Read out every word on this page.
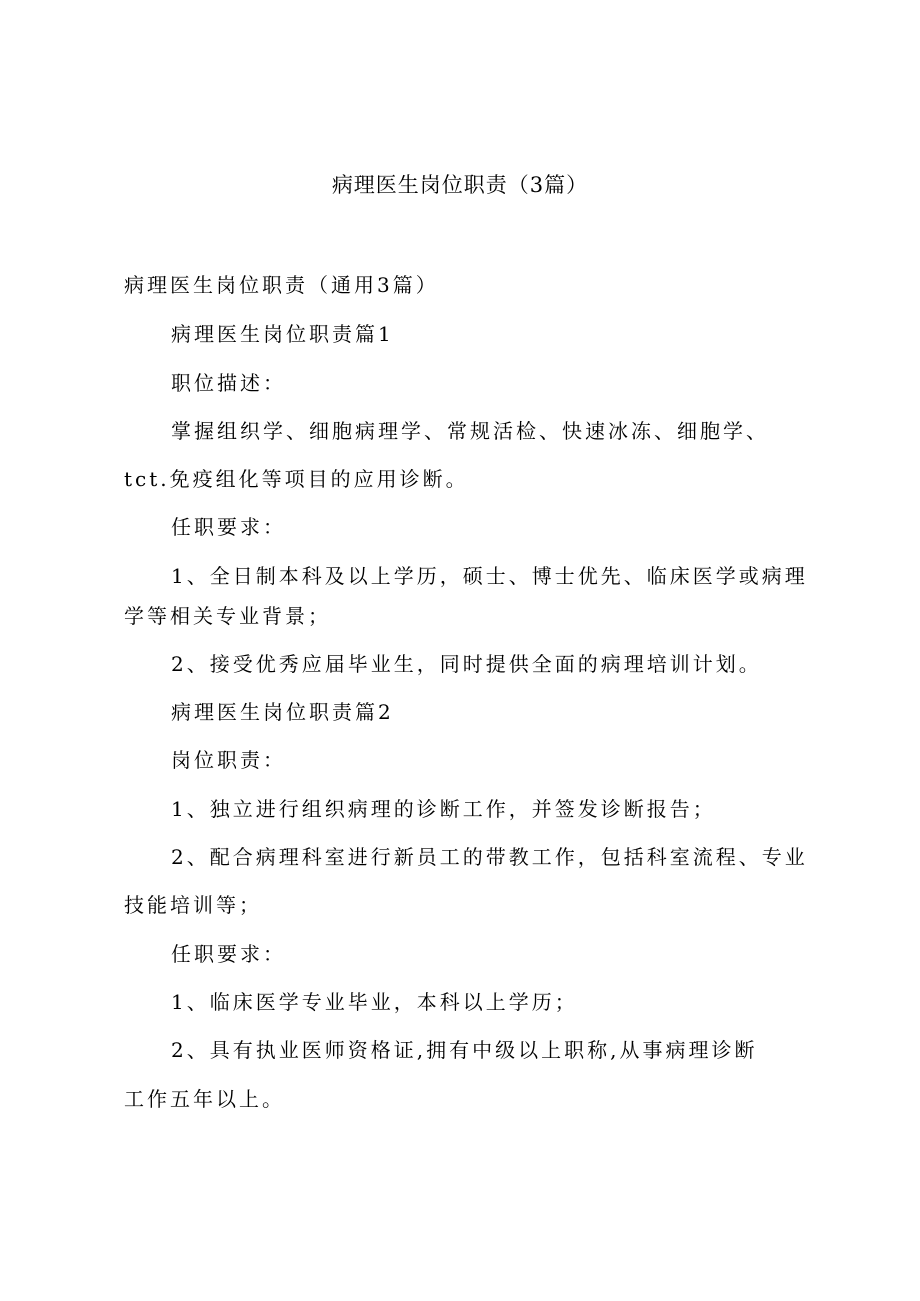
病理医生岗位职责（3篇）
病理医生岗位职责（通用3篇）
病理医生岗位职责篇1
职位描述：
掌握组织学、细胞病理学、常规活检、快速冰冻、细胞学、
tct.免疫组化等项目的应用诊断。
任职要求：
1、全日制本科及以上学历，硕士、博士优先、临床医学或病理
学等相关专业背景；
2、接受优秀应届毕业生，同时提供全面的病理培训计划。
病理医生岗位职责篇2
岗位职责：
1、独立进行组织病理的诊断工作，并签发诊断报告；
2、配合病理科室进行新员工的带教工作，包括科室流程、专业
技能培训等；
任职要求：
1、临床医学专业毕业，本科以上学历；
2、具有执业医师资格证,拥有中级以上职称,从事病理诊断
工作五年以上。
